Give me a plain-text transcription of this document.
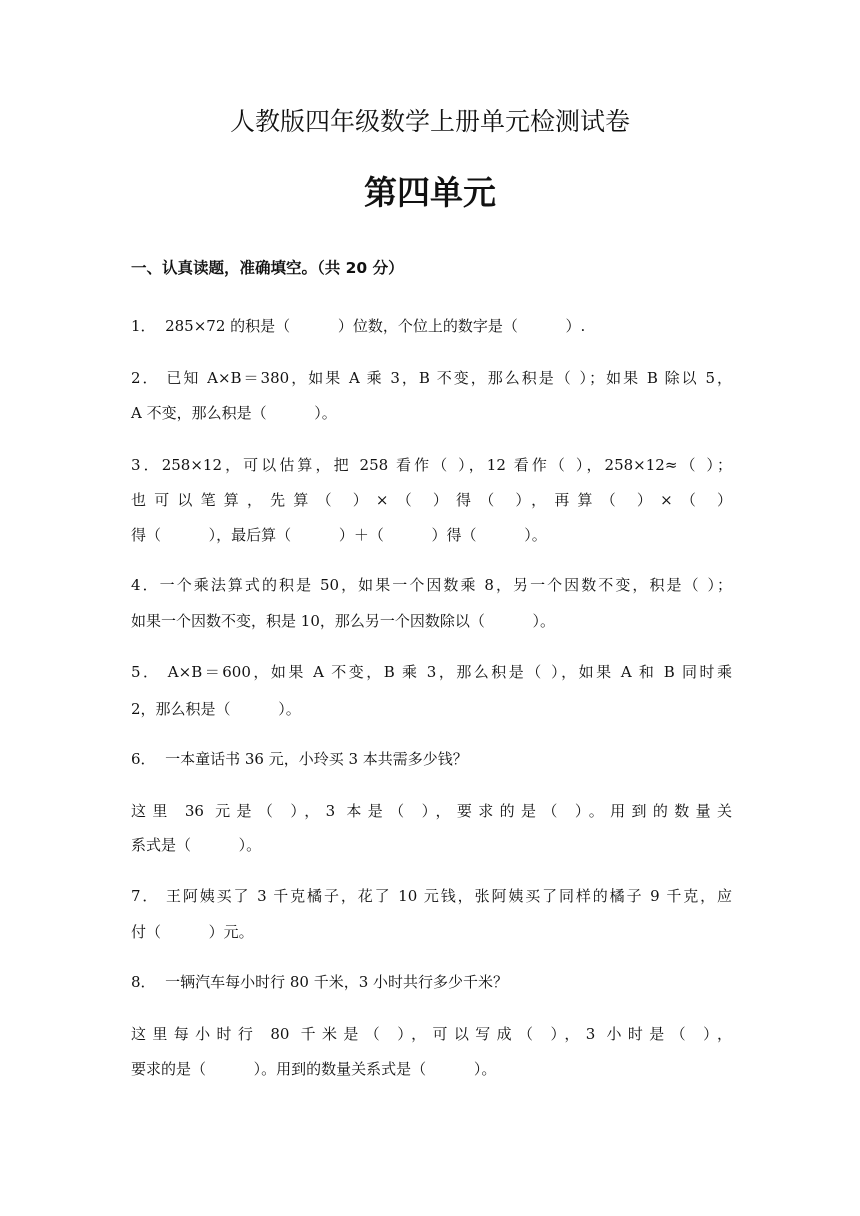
人教版四年级数学上册单元检测试卷
第四单元
一、认真读题，准确填空。（共 20 分）
1．  285×72 的积是（          ）位数，个位上的数字是（          ）.
2． 已知 A×B＝380，如果 A 乘 3，B 不变，那么积是（ ）；如果 B 除以 5，
A 不变，那么积是（          ）。
3．258×12，可以估算，把 258 看作（ ），12 看作（ ），258×12≈（ ）；
也可以笔算，先算（ ）×（ ）得（ ），再算（ ）×（ ）
得（          ），最后算（          ）＋（          ）得（          ）。
4．一个乘法算式的积是 50，如果一个因数乘 8，另一个因数不变，积是（ ）；
如果一个因数不变，积是 10，那么另一个因数除以（          ）。
5． A×B＝600，如果 A 不变，B 乘 3，那么积是（ ），如果 A 和 B 同时乘
2，那么积是（          ）。
6．  一本童话书 36 元，小玲买 3 本共需多少钱？
这里 36 元是（ ），3 本是（ ），要求的是（ ）。用到的数量关
系式是（          ）。
7． 王阿姨买了 3 千克橘子，花了 10 元钱，张阿姨买了同样的橘子 9 千克，应
付（          ）元。
8．  一辆汽车每小时行 80 千米，3 小时共行多少千米？
这里每小时行 80 千米是（ ），可以写成（ ），3 小时是（ ），
要求的是（          ）。用到的数量关系式是（          ）。
